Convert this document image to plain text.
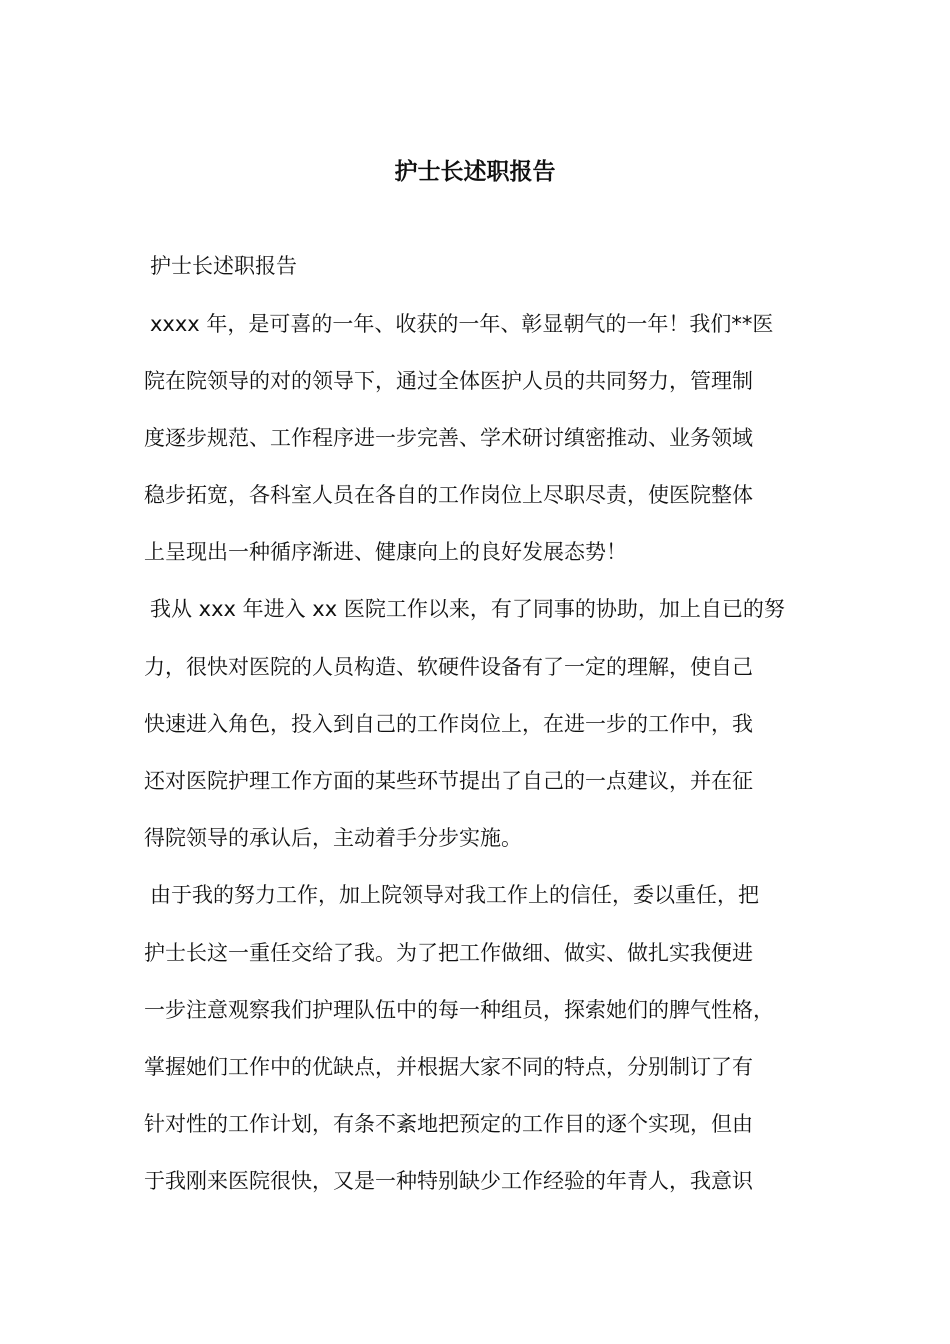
护士长述职报告

护士长述职报告

xxxx 年，是可喜的一年、收获的一年、彰显朝气的一年！我们**医

院在院领导的对的领导下，通过全体医护人员的共同努力，管理制

度逐步规范、工作程序进一步完善、学术研讨缜密推动、业务领域

稳步拓宽，各科室人员在各自的工作岗位上尽职尽责，使医院整体

上呈现出一种循序渐进、健康向上的良好发展态势！

我从 xxx 年进入 xx 医院工作以来，有了同事的协助，加上自已的努

力，很快对医院的人员构造、软硬件设备有了一定的理解，使自己

快速进入角色，投入到自己的工作岗位上，在进一步的工作中，我

还对医院护理工作方面的某些环节提出了自己的一点建议，并在征

得院领导的承认后，主动着手分步实施。

由于我的努力工作，加上院领导对我工作上的信任，委以重任，把

护士长这一重任交给了我。为了把工作做细、做实、做扎实我便进

一步注意观察我们护理队伍中的每一种组员，探索她们的脾气性格，

掌握她们工作中的优缺点，并根据大家不同的特点，分别制订了有

针对性的工作计划，有条不紊地把预定的工作目的逐个实现，但由

于我刚来医院很快，又是一种特别缺少工作经验的年青人，我意识
